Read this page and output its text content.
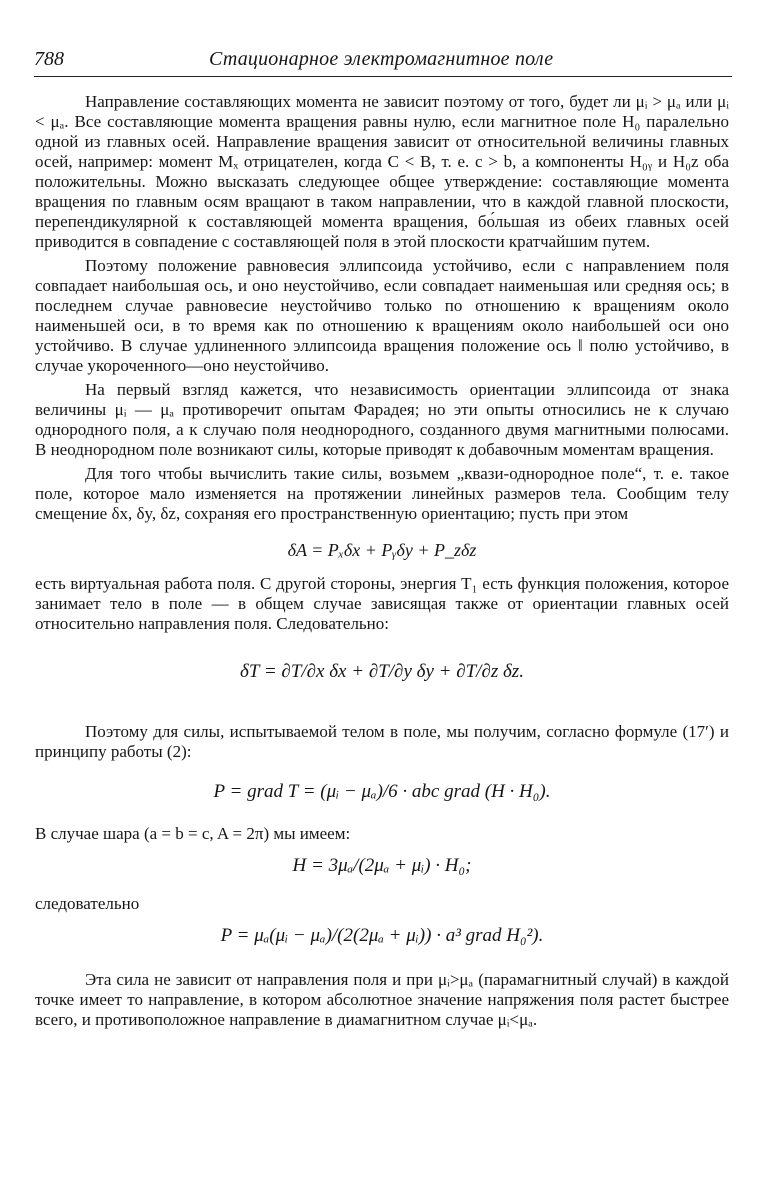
788	Стационарное электромагнитное поле

Направление составляющих момента не зависит поэтому от того, будет ли μᵢ > μₐ или μᵢ < μₐ. Все составляющие момента вращения равны нулю, если магнитное поле H₀ паралельно одной из главных осей. Направление вращения зависит от относительной величины главных осей, например: момент Mₓ отрицателен, когда C < B, т. е. c > b, а компоненты H₀ᵧ и H₀z оба положительны. Можно высказать следующее общее утверждение: составляющие момента вращения по главным осям вращают в таком направлении, что в каждой главной плоскости, перепендикулярной к составляющей момента вращения, бо́льшая из обеих главных осей приводится в совпадение с составляющей поля в этой плоскости кратчайшим путем.

Поэтому положение равновесия эллипсоида устойчиво, если с направлением поля совпадает наибольшая ось, и оно неустойчиво, если совпадает наименьшая или средняя ось; в последнем случае равновесие неустойчиво только по отношению к вращениям около наименьшей оси, в то время как по отношению к вращениям около наибольшей оси оно устойчиво. В случае удлиненного эллипсоида вращения положение ось ‖ полю устойчиво, в случае укороченного—оно неустойчиво.

На первый взгляд кажется, что независимость ориентации эллипсоида от знака величины μᵢ — μₐ противоречит опытам Фарадея; но эти опыты относились не к случаю однородного поля, а к случаю поля неоднородного, созданного двумя магнитными полюсами. В неоднородном поле возникают силы, которые приводят к добавочным моментам вращения.

Для того чтобы вычислить такие силы, возьмем „квази-однородное поле“, т. е. такое поле, которое мало изменяется на протяжении линейных размеров тела. Сообщим телу смещение δx, δy, δz, сохраняя его пространственную ориентацию; пусть при этом

δA = Pₓδx + Pᵧδy + P_zδz

есть виртуальная работа поля. С другой стороны, энергия T₁ есть функция положения, которое занимает тело в поле — в общем случае зависящая также от ориентации главных осей относительно направления поля. Следовательно:

δT = ∂T/∂x δx + ∂T/∂y δy + ∂T/∂z δz.

Поэтому для силы, испытываемой телом в поле, мы получим, согласно формуле (17′) и принципу работы (2):

P = grad T = (μᵢ − μₐ)/6 · abc grad (H · H₀).

В случае шара (a = b = c, A = 2π) мы имеем:

H = 3μₐ/(2μₐ + μᵢ) · H₀;

следовательно

P = μₐ(μᵢ − μₐ)/(2(2μₐ + μᵢ)) · a³ grad H₀²).

Эта сила не зависит от направления поля и при μᵢ>μₐ (парамагнитный случай) в каждой точке имеет то направление, в котором абсолютное значение напряжения поля растет быстрее всего, и противоположное направление в диамагнитном случае μᵢ<μₐ.
